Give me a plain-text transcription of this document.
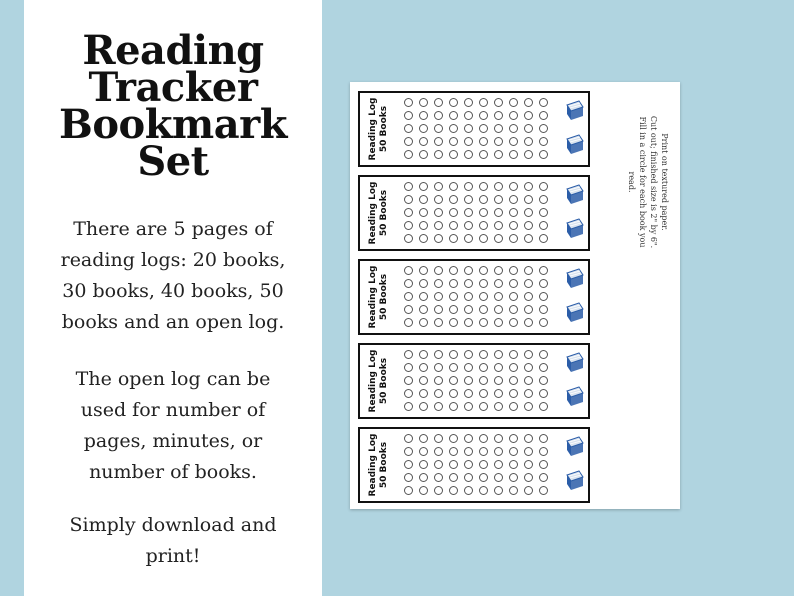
Reading
Tracker
Bookmark
Set
There are 5 pages of
reading logs: 20 books,
30 books, 40 books, 50
books and an open log.
The open log can be
used for number of
pages, minutes, or
number of books.
Simply download and
print!
Print on textured paper.
Cut out; finished size is 2" by 6".
Fill in a circle for each book you
read.
Reading Log 50 Books
Reading Log 50 Books
Reading Log 50 Books
Reading Log 50 Books
Reading Log 50 Books
